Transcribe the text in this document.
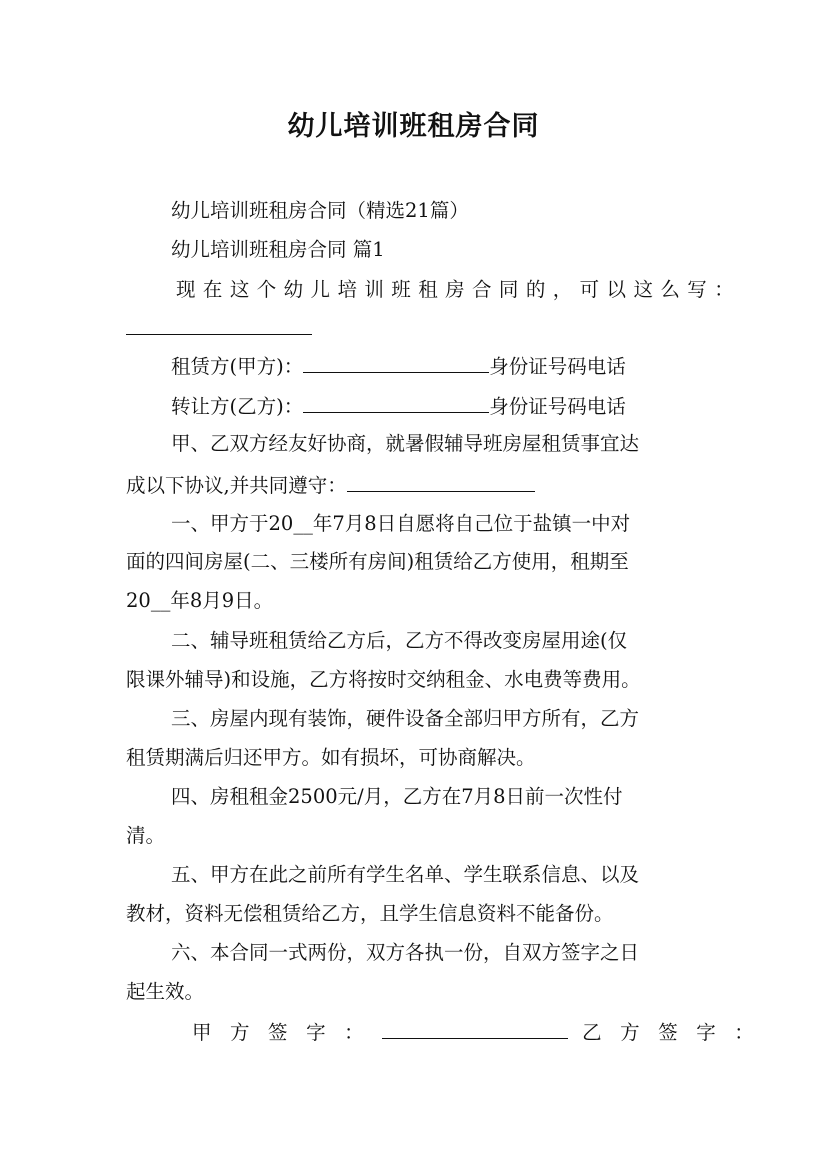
幼儿培训班租房合同
幼儿培训班租房合同（精选21篇）
幼儿培训班租房合同 篇1
现在这个幼儿培训班租房合同的，可以这么写：
租赁方(甲方)：	身份证号码电话
转让方(乙方)：	身份证号码电话
甲、乙双方经友好协商，就暑假辅导班房屋租赁事宜达
成以下协议,并共同遵守：
一、甲方于20__年7月8日自愿将自己位于盐镇一中对
面的四间房屋(二、三楼所有房间)租赁给乙方使用，租期至
20__年8月9日。
二、辅导班租赁给乙方后，乙方不得改变房屋用途(仅
限课外辅导)和设施，乙方将按时交纳租金、水电费等费用。
三、房屋内现有装饰，硬件设备全部归甲方所有，乙方
租赁期满后归还甲方。如有损坏，可协商解决。
四、房租租金2500元/月，乙方在7月8日前一次性付
清。
五、甲方在此之前所有学生名单、学生联系信息、以及
教材，资料无偿租赁给乙方，且学生信息资料不能备份。
六、本合同一式两份，双方各执一份，自双方签字之日
起生效。
甲方签字：	乙方签字：
